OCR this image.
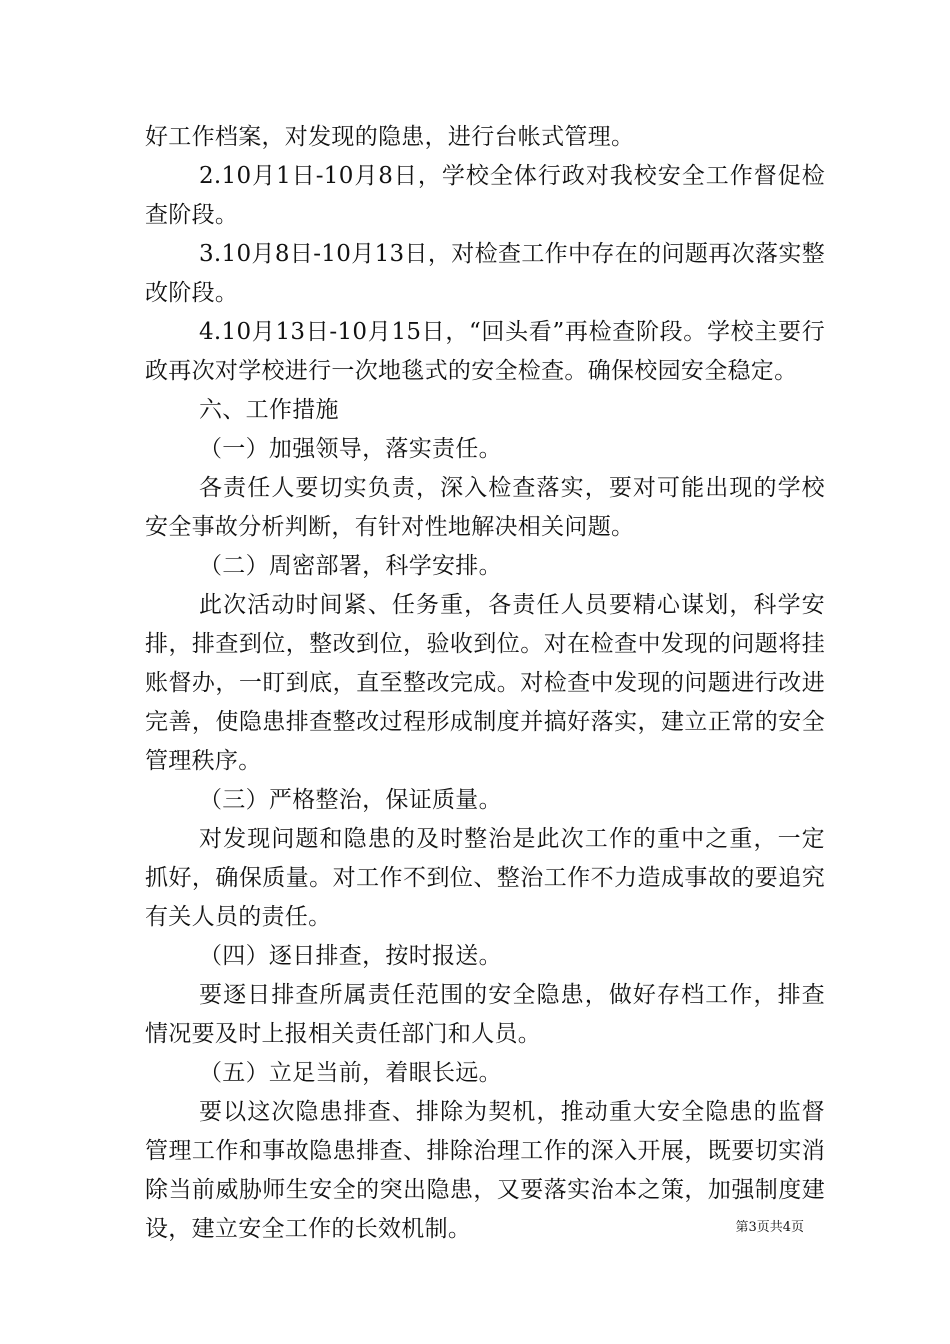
好工作档案，对发现的隐患，进行台帐式管理。

2.10月1日-10月8日，学校全体行政对我校安全工作督促检查阶段。

3.10月8日-10月13日，对检查工作中存在的问题再次落实整改阶段。

4.10月13日-10月15日，“回头看”再检查阶段。学校主要行政再次对学校进行一次地毯式的安全检查。确保校园安全稳定。

六、工作措施

（一）加强领导，落实责任。

各责任人要切实负责，深入检查落实，要对可能出现的学校安全事故分析判断，有针对性地解决相关问题。

（二）周密部署，科学安排。

此次活动时间紧、任务重，各责任人员要精心谋划，科学安排，排查到位，整改到位，验收到位。对在检查中发现的问题将挂账督办，一盯到底，直至整改完成。对检查中发现的问题进行改进完善，使隐患排查整改过程形成制度并搞好落实，建立正常的安全管理秩序。

（三）严格整治，保证质量。

对发现问题和隐患的及时整治是此次工作的重中之重，一定抓好，确保质量。对工作不到位、整治工作不力造成事故的要追究有关人员的责任。

（四）逐日排查，按时报送。

要逐日排查所属责任范围的安全隐患，做好存档工作，排查情况要及时上报相关责任部门和人员。

（五）立足当前，着眼长远。

要以这次隐患排查、排除为契机，推动重大安全隐患的监督管理工作和事故隐患排查、排除治理工作的深入开展，既要切实消除当前威胁师生安全的突出隐患，又要落实治本之策，加强制度建设，建立安全工作的长效机制。	第3页共4页
